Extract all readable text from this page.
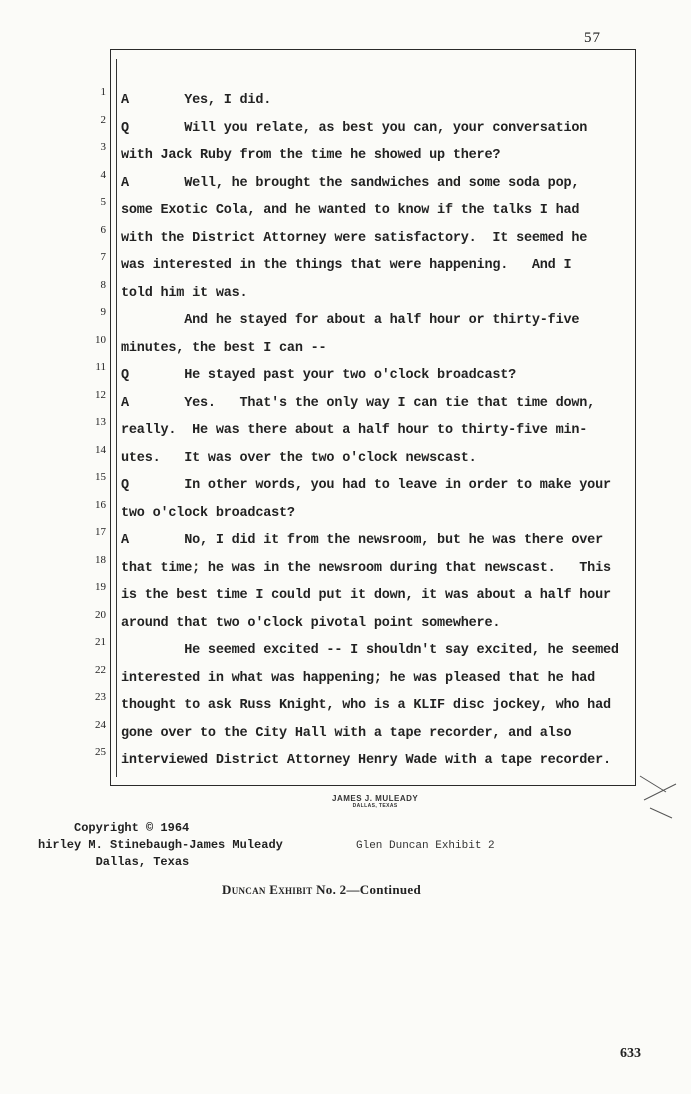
57
1
2
3
4
5
6
7
8
9
10
11
12
13
14
15
16
17
18
19
20
21
22
23
24
25
A       Yes, I did.
Q       Will you relate, as best you can, your conversation
with Jack Ruby from the time he showed up there?
A       Well, he brought the sandwiches and some soda pop,
some Exotic Cola, and he wanted to know if the talks I had
with the District Attorney were satisfactory.  It seemed he
was interested in the things that were happening.   And I
told him it was.
And he stayed for about a half hour or thirty-five
minutes, the best I can --
Q       He stayed past your two o'clock broadcast?
A       Yes.   That's the only way I can tie that time down,
really.  He was there about a half hour to thirty-five min-
utes.   It was over the two o'clock newscast.
Q       In other words, you had to leave in order to make your
two o'clock broadcast?
A       No, I did it from the newsroom, but he was there over
that time; he was in the newsroom during that newscast.   This
is the best time I could put it down, it was about a half hour
around that two o'clock pivotal point somewhere.
He seemed excited -- I shouldn't say excited, he seemed
interested in what was happening; he was pleased that he had
thought to ask Russ Knight, who is a KLIF disc jockey, who had
gone over to the City Hall with a tape recorder, and also
interviewed District Attorney Henry Wade with a tape recorder.
JAMES J. MULEADY
DALLAS, TEXAS
Copyright © 1964
hirley M. Stinebaugh-James Muleady
Dallas, Texas
Glen Duncan Exhibit 2
Duncan Exhibit No. 2—Continued
633
